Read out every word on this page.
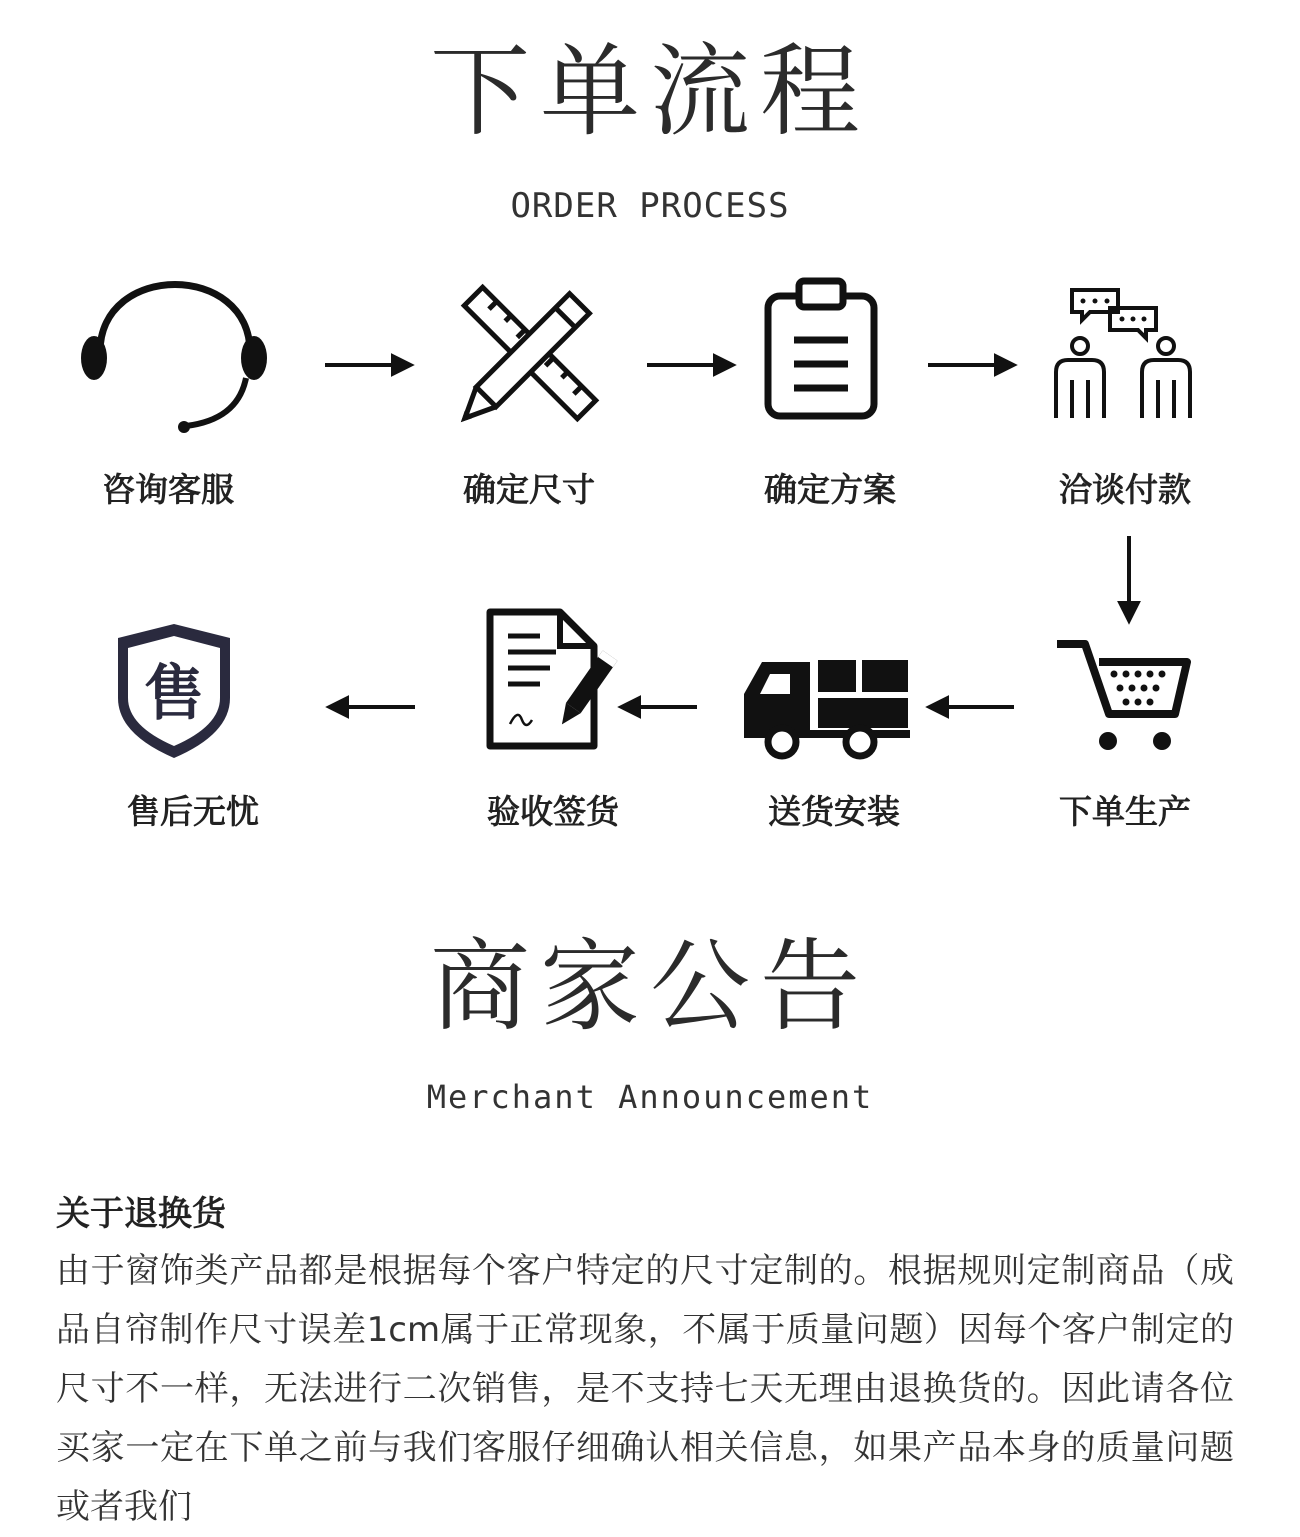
下单流程
ORDER PROCESS
售
咨询客服	确定尺寸	确定方案	洽谈付款
下单生产
送货安装
验收签货
售后无忧
商家公告
Merchant Announcement
关于退换货
由于窗饰类产品都是根据每个客户特定的尺寸定制的。根据规则定制商品（成品自帘制作尺寸误差1cm属于正常现象，不属于质量问题）因每个客户制定的尺寸不一样，无法进行二次销售，是不支持七天无理由退换货的。因此请各位买家一定在下单之前与我们客服仔细确认相关信息，如果产品本身的质量问题或者我们
